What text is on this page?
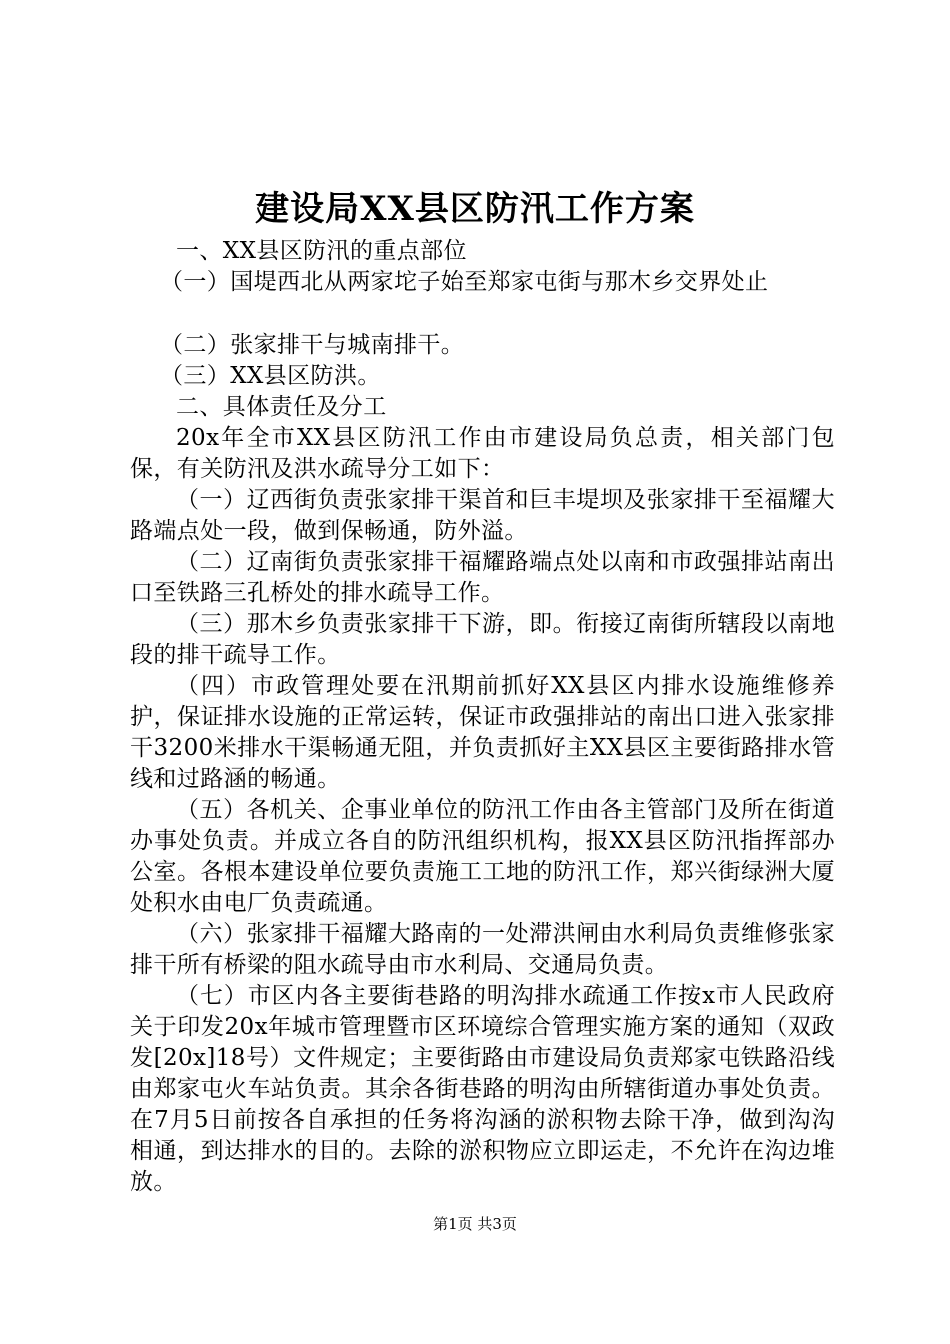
建设局XX县区防汛工作方案

一、XX县区防汛的重点部位

（一）国堤西北从两家坨子始至郑家屯街与那木乡交界处止

（二）张家排干与城南排干。

（三）XX县区防洪。

二、具体责任及分工

20x年全市XX县区防汛工作由市建设局负总责，相关部门包保，有关防汛及洪水疏导分工如下：

（一）辽西街负责张家排干渠首和巨丰堤坝及张家排干至福耀大路端点处一段，做到保畅通，防外溢。

（二）辽南街负责张家排干福耀路端点处以南和市政强排站南出口至铁路三孔桥处的排水疏导工作。

（三）那木乡负责张家排干下游，即。衔接辽南街所辖段以南地段的排干疏导工作。

（四）市政管理处要在汛期前抓好XX县区内排水设施维修养护，保证排水设施的正常运转，保证市政强排站的南出口进入张家排干3200米排水干渠畅通无阻，并负责抓好主XX县区主要街路排水管线和过路涵的畅通。

（五）各机关、企事业单位的防汛工作由各主管部门及所在街道办事处负责。并成立各自的防汛组织机构，报XX县区防汛指挥部办公室。各根本建设单位要负责施工工地的防汛工作，郑兴街绿洲大厦处积水由电厂负责疏通。

（六）张家排干福耀大路南的一处滞洪闸由水利局负责维修张家排干所有桥梁的阻水疏导由市水利局、交通局负责。

（七）市区内各主要街巷路的明沟排水疏通工作按x市人民政府关于印发20x年城市管理暨市区环境综合管理实施方案的通知（双政发[20x]18号）文件规定；主要街路由市建设局负责郑家屯铁路沿线由郑家屯火车站负责。其余各街巷路的明沟由所辖街道办事处负责。在7月5日前按各自承担的任务将沟涵的淤积物去除干净，做到沟沟相通，到达排水的目的。去除的淤积物应立即运走，不允许在沟边堆放。

第1页 共3页
